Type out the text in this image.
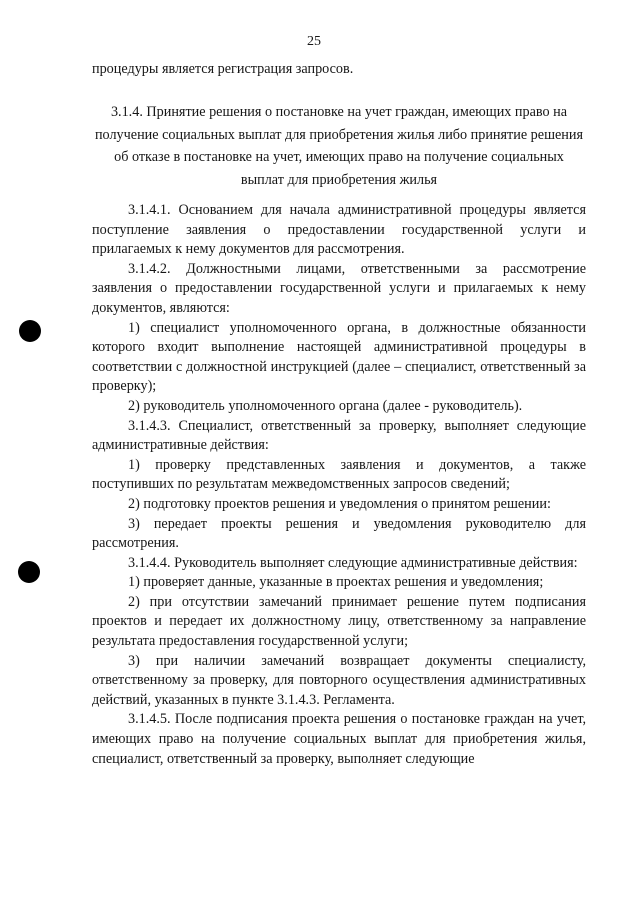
25
процедуры является регистрация запросов.
3.1.4. Принятие решения о постановке на учет граждан, имеющих право на получение социальных выплат для приобретения жилья либо принятие решения об отказе в постановке на учет, имеющих право на получение социальных выплат для приобретения жилья

3.1.4.1. Основанием для начала административной процедуры является поступление заявления о предоставлении государственной услуги и прилагаемых к нему документов для рассмотрения.

3.1.4.2. Должностными лицами, ответственными за рассмотрение заявления о предоставлении государственной услуги и прилагаемых к нему документов, являются:

1) специалист уполномоченного органа, в должностные обязанности которого входит выполнение настоящей административной процедуры в соответствии с должностной инструкцией (далее – специалист, ответственный за проверку);

2) руководитель уполномоченного органа (далее - руководитель).

3.1.4.3. Специалист, ответственный за проверку, выполняет следующие административные действия:

1) проверку представленных заявления и документов, а также поступивших по результатам межведомственных запросов сведений;

2) подготовку проектов решения и уведомления о принятом решении:

3) передает проекты решения и уведомления руководителю для рассмотрения.

3.1.4.4. Руководитель выполняет следующие административные действия:

1) проверяет данные, указанные в проектах решения и уведомления;

2) при отсутствии замечаний принимает решение путем подписания проектов и передает их должностному лицу, ответственному за направление результата предоставления государственной услуги;

3) при наличии замечаний возвращает документы специалисту, ответственному за проверку, для повторного осуществления административных действий, указанных в пункте 3.1.4.3. Регламента.

3.1.4.5. После подписания проекта решения о постановке граждан на учет, имеющих право на получение социальных выплат для приобретения жилья, специалист, ответственный за проверку, выполняет следующие
